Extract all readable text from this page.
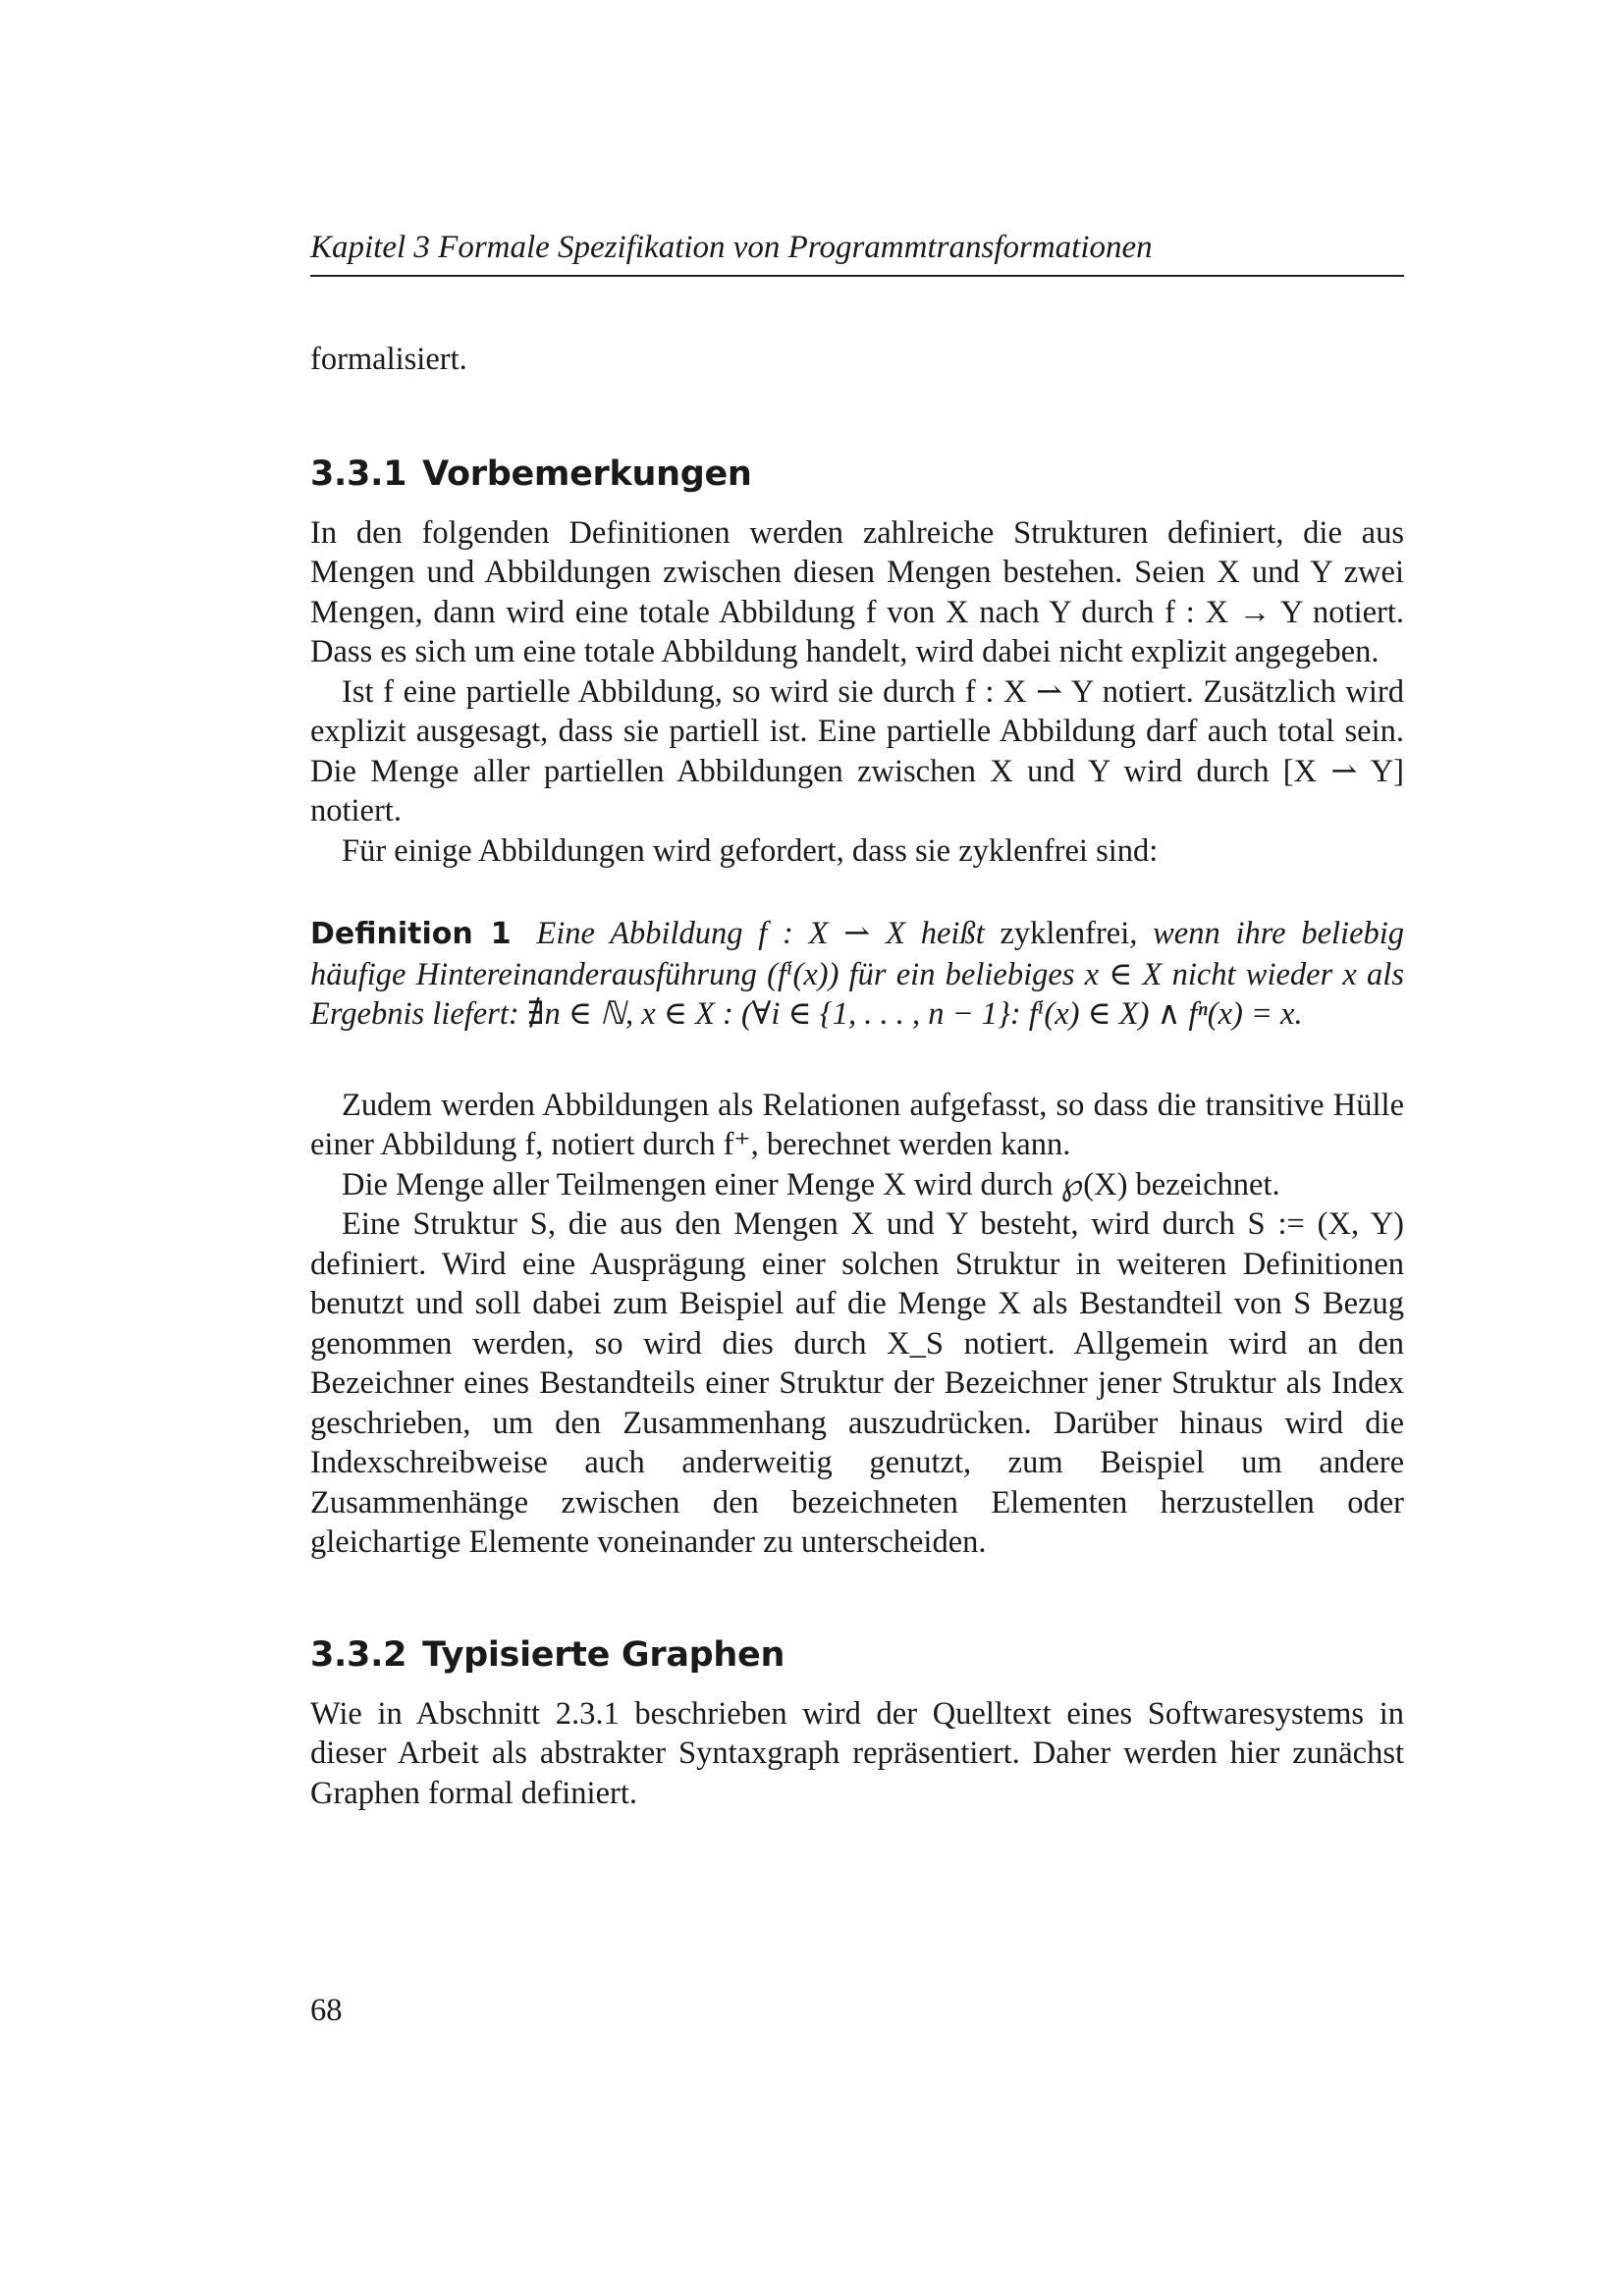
Kapitel 3 Formale Spezifikation von Programmtransformationen

formalisiert.

3.3.1 Vorbemerkungen

In den folgenden Definitionen werden zahlreiche Strukturen definiert, die aus Mengen und Abbildungen zwischen diesen Mengen bestehen. Seien X und Y zwei Mengen, dann wird eine totale Abbildung f von X nach Y durch f : X → Y notiert. Dass es sich um eine totale Abbildung handelt, wird dabei nicht explizit angegeben.

Ist f eine partielle Abbildung, so wird sie durch f : X ⇀ Y notiert. Zusätzlich wird explizit ausgesagt, dass sie partiell ist. Eine partielle Abbildung darf auch total sein. Die Menge aller partiellen Abbildungen zwischen X und Y wird durch [X ⇀ Y] notiert.

Für einige Abbildungen wird gefordert, dass sie zyklenfrei sind:

Definition 1 Eine Abbildung f : X ⇀ X heißt zyklenfrei, wenn ihre beliebig häufige Hintereinanderausführung (fⁱ(x)) für ein beliebiges x ∈ X nicht wieder x als Ergebnis liefert: ∄n ∈ ℕ, x ∈ X : (∀i ∈ {1, . . . , n − 1}: fⁱ(x) ∈ X) ∧ fⁿ(x) = x.

Zudem werden Abbildungen als Relationen aufgefasst, so dass die transitive Hülle einer Abbildung f, notiert durch f⁺, berechnet werden kann.

Die Menge aller Teilmengen einer Menge X wird durch ℘(X) bezeichnet.

Eine Struktur S, die aus den Mengen X und Y besteht, wird durch S := (X, Y) definiert. Wird eine Ausprägung einer solchen Struktur in weiteren Definitionen benutzt und soll dabei zum Beispiel auf die Menge X als Bestandteil von S Bezug genommen werden, so wird dies durch X_S notiert. Allgemein wird an den Bezeichner eines Bestandteils einer Struktur der Bezeichner jener Struktur als Index geschrieben, um den Zusammenhang auszudrücken. Darüber hinaus wird die Indexschreibweise auch anderweitig genutzt, zum Beispiel um andere Zusammenhänge zwischen den bezeichneten Elementen herzustellen oder gleichartige Elemente voneinander zu unterscheiden.

3.3.2 Typisierte Graphen

Wie in Abschnitt 2.3.1 beschrieben wird der Quelltext eines Softwaresystems in dieser Arbeit als abstrakter Syntaxgraph repräsentiert. Daher werden hier zunächst Graphen formal definiert.

68
